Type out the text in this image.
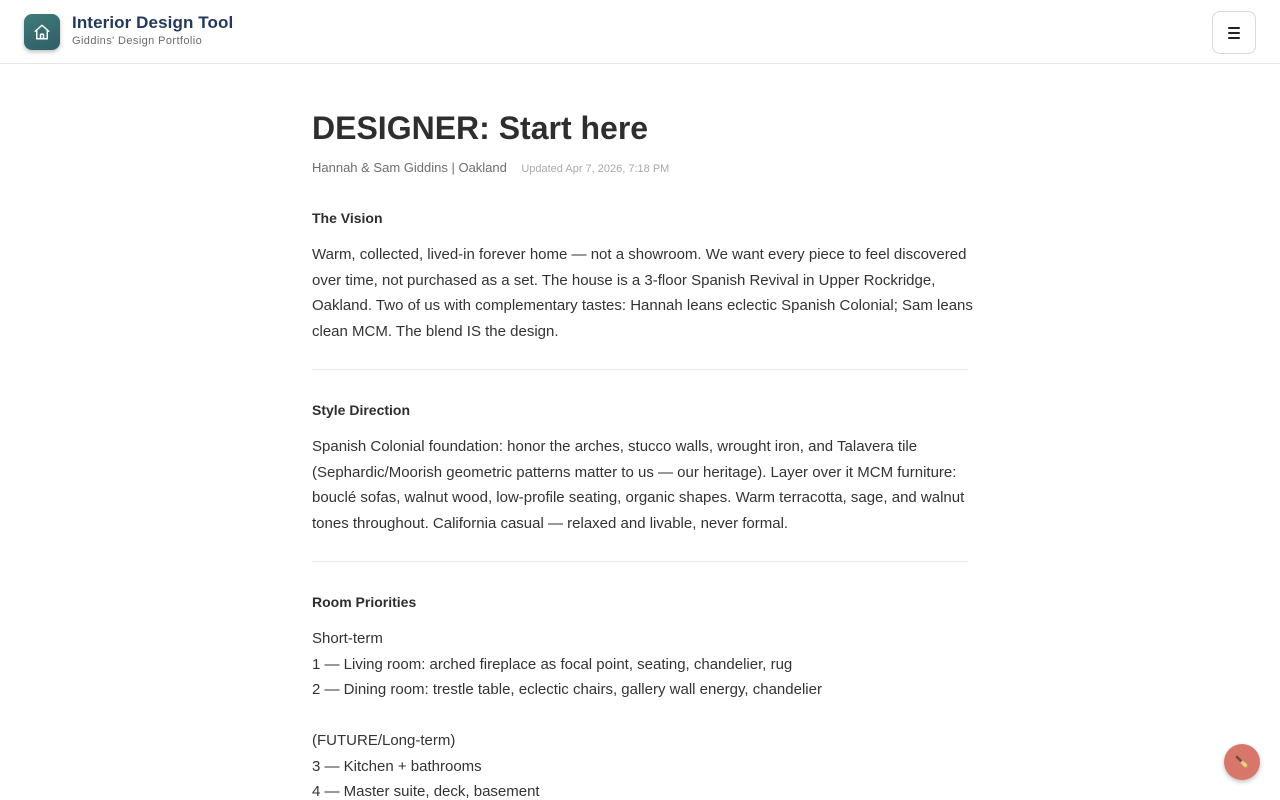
Interior Design Tool
Giddins' Design Portfolio
DESIGNER: Start here
Hannah & Sam Giddins | Oakland Updated Apr 7, 2026, 7:18 PM
The Vision
Warm, collected, lived-in forever home — not a showroom. We want every piece to feel discovered
over time, not purchased as a set. The house is a 3-floor Spanish Revival in Upper Rockridge,
Oakland. Two of us with complementary tastes: Hannah leans eclectic Spanish Colonial; Sam leans
clean MCM. The blend IS the design.
Style Direction
Spanish Colonial foundation: honor the arches, stucco walls, wrought iron, and Talavera tile
(Sephardic/Moorish geometric patterns matter to us — our heritage). Layer over it MCM furniture:
bouclé sofas, walnut wood, low-profile seating, organic shapes. Warm terracotta, sage, and walnut
tones throughout. California casual — relaxed and livable, never formal.
Room Priorities
Short-term
1 — Living room: arched fireplace as focal point, seating, chandelier, rug
2 — Dining room: trestle table, eclectic chairs, gallery wall energy, chandelier
(FUTURE/Long-term)
3 — Kitchen + bathrooms
4 — Master suite, deck, basement
